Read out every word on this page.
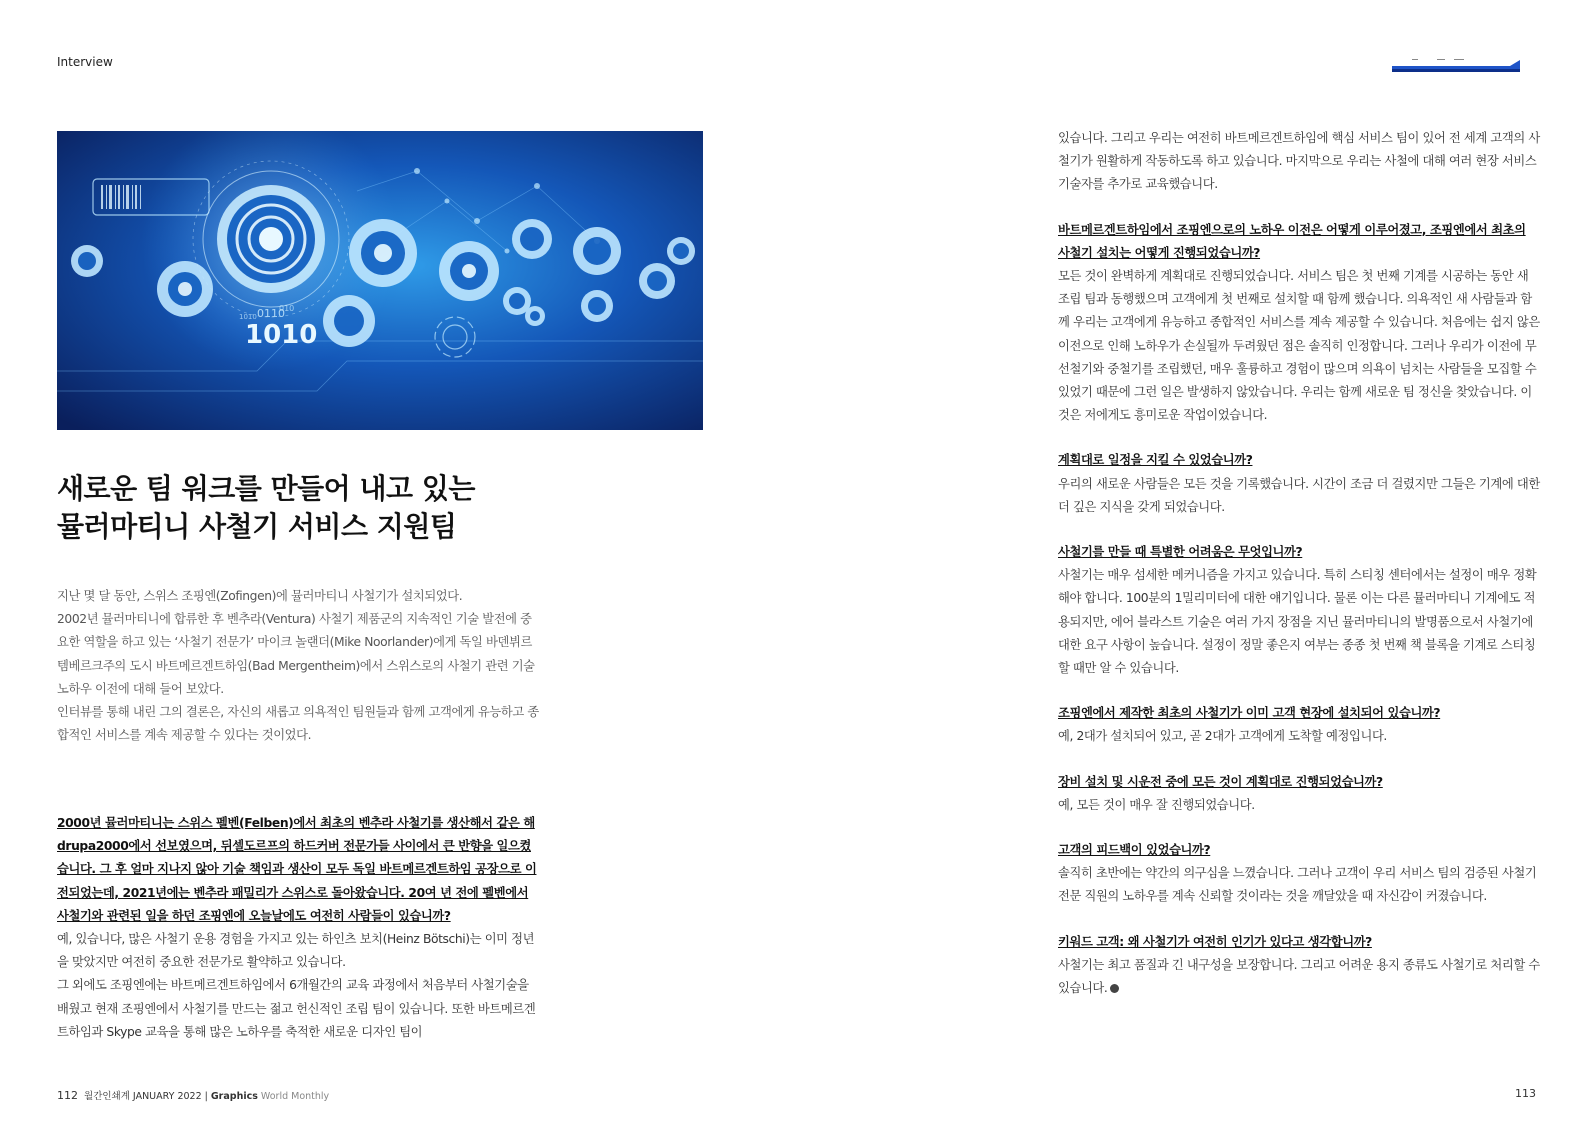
Interview
1010
0110
010
1010
새로운 팀 워크를 만들어 내고 있는
뮬러마티니 사철기 서비스 지원팀

지난 몇 달 동안, 스위스 조핑엔(Zofingen)에 뮬러마티니 사철기가 설치되었다.

2002년 뮬러마티니에 합류한 후 벤추라(Ventura) 사철기 제품군의 지속적인 기술 발전에 중요한 역할을 하고 있는 ‘사철기 전문가’ 마이크 놀랜더(Mike Noorlander)에게 독일 바덴뷔르템베르크주의 도시 바트메르겐트하임(Bad Mergentheim)에서 스위스로의 사철기 관련 기술 노하우 이전에 대해 들어 보았다.

인터뷰를 통해 내린 그의 결론은, 자신의 새롭고 의욕적인 팀원들과 함께 고객에게 유능하고 종합적인 서비스를 계속 제공할 수 있다는 것이었다.

2000년 뮬러마티니는 스위스 펠벤(Felben)에서 최초의 벤추라 사철기를 생산해서 같은 해 drupa2000에서 선보였으며, 뒤셀도르프의 하드커버 전문가들 사이에서 큰 반향을 일으켰습니다. 그 후 얼마 지나지 않아 기술 책임과 생산이 모두 독일 바트메르겐트하임 공장으로 이전되었는데, 2021년에는 벤추라 패밀리가 스위스로 돌아왔습니다. 20여 년 전에 펠벤에서 사철기와 관련된 일을 하던 조핑엔에 오늘날에도 여전히 사람들이 있습니까?

예, 있습니다, 많은 사철기 운용 경험을 가지고 있는 하인츠 보치(Heinz Bötschi)는 이미 정년을 맞았지만 여전히 중요한 전문가로 활약하고 있습니다.

그 외에도 조핑엔에는 바트메르겐트하임에서 6개월간의 교육 과정에서 처음부터 사철기술을 배웠고 현재 조핑엔에서 사철기를 만드는 젊고 헌신적인 조립 팀이 있습니다. 또한 바트메르겐트하임과 Skype 교육을 통해 많은 노하우를 축적한 새로운 디자인 팀이

있습니다. 그리고 우리는 여전히 바트메르겐트하임에 핵심 서비스 팀이 있어 전 세계 고객의 사철기가 원활하게 작동하도록 하고 있습니다. 마지막으로 우리는 사철에 대해 여러 현장 서비스 기술자를 추가로 교육했습니다.

바트메르겐트하임에서 조핑엔으로의 노하우 이전은 어떻게 이루어졌고, 조핑엔에서 최초의 사철기 설치는 어떻게 진행되었습니까?

모든 것이 완벽하게 계획대로 진행되었습니다. 서비스 팀은 첫 번째 기계를 시공하는 동안 새 조립 팀과 동행했으며 고객에게 첫 번째로 설치할 때 함께 했습니다. 의욕적인 새 사람들과 함께 우리는 고객에게 유능하고 종합적인 서비스를 계속 제공할 수 있습니다. 처음에는 쉽지 않은 이전으로 인해 노하우가 손실될까 두려웠던 점은 솔직히 인정합니다. 그러나 우리가 이전에 무선철기와 중철기를 조립했던, 매우 훌륭하고 경험이 많으며 의욕이 넘치는 사람들을 모집할 수 있었기 때문에 그런 일은 발생하지 않았습니다. 우리는 함께 새로운 팀 정신을 찾았습니다. 이것은 저에게도 흥미로운 작업이었습니다.

계획대로 일정을 지킬 수 있었습니까?

우리의 새로운 사람들은 모든 것을 기록했습니다. 시간이 조금 더 걸렸지만 그들은 기계에 대한 더 깊은 지식을 갖게 되었습니다.

사철기를 만들 때 특별한 어려움은 무엇입니까?

사철기는 매우 섬세한 메커니즘을 가지고 있습니다. 특히 스티칭 센터에서는 설정이 매우 정확해야 합니다. 100분의 1밀리미터에 대한 얘기입니다. 물론 이는 다른 뮬러마티니 기계에도 적용되지만, 에어 블라스트 기술은 여러 가지 장점을 지닌 뮬러마티니의 발명품으로서 사철기에 대한 요구 사항이 높습니다. 설정이 정말 좋은지 여부는 종종 첫 번째 책 블록을 기계로 스티칭할 때만 알 수 있습니다.

조핑엔에서 제작한 최초의 사철기가 이미 고객 현장에 설치되어 있습니까?

예, 2대가 설치되어 있고, 곧 2대가 고객에게 도착할 예정입니다.

장비 설치 및 시운전 중에 모든 것이 계획대로 진행되었습니까?

예, 모든 것이 매우 잘 진행되었습니다.

고객의 피드백이 있었습니까?

솔직히 초반에는 약간의 의구심을 느꼈습니다. 그러나 고객이 우리 서비스 팀의 검증된 사철기 전문 직원의 노하우를 계속 신뢰할 것이라는 것을 깨달았을 때 자신감이 커졌습니다.

키워드 고객: 왜 사철기가 여전히 인기가 있다고 생각합니까?

사철기는 최고 품질과 긴 내구성을 보장합니다. 그리고 어려운 용지 종류도 사철기로 처리할 수 있습니다.

112 월간인쇄계 JANUARY 2022 | Graphics World Monthly	113
